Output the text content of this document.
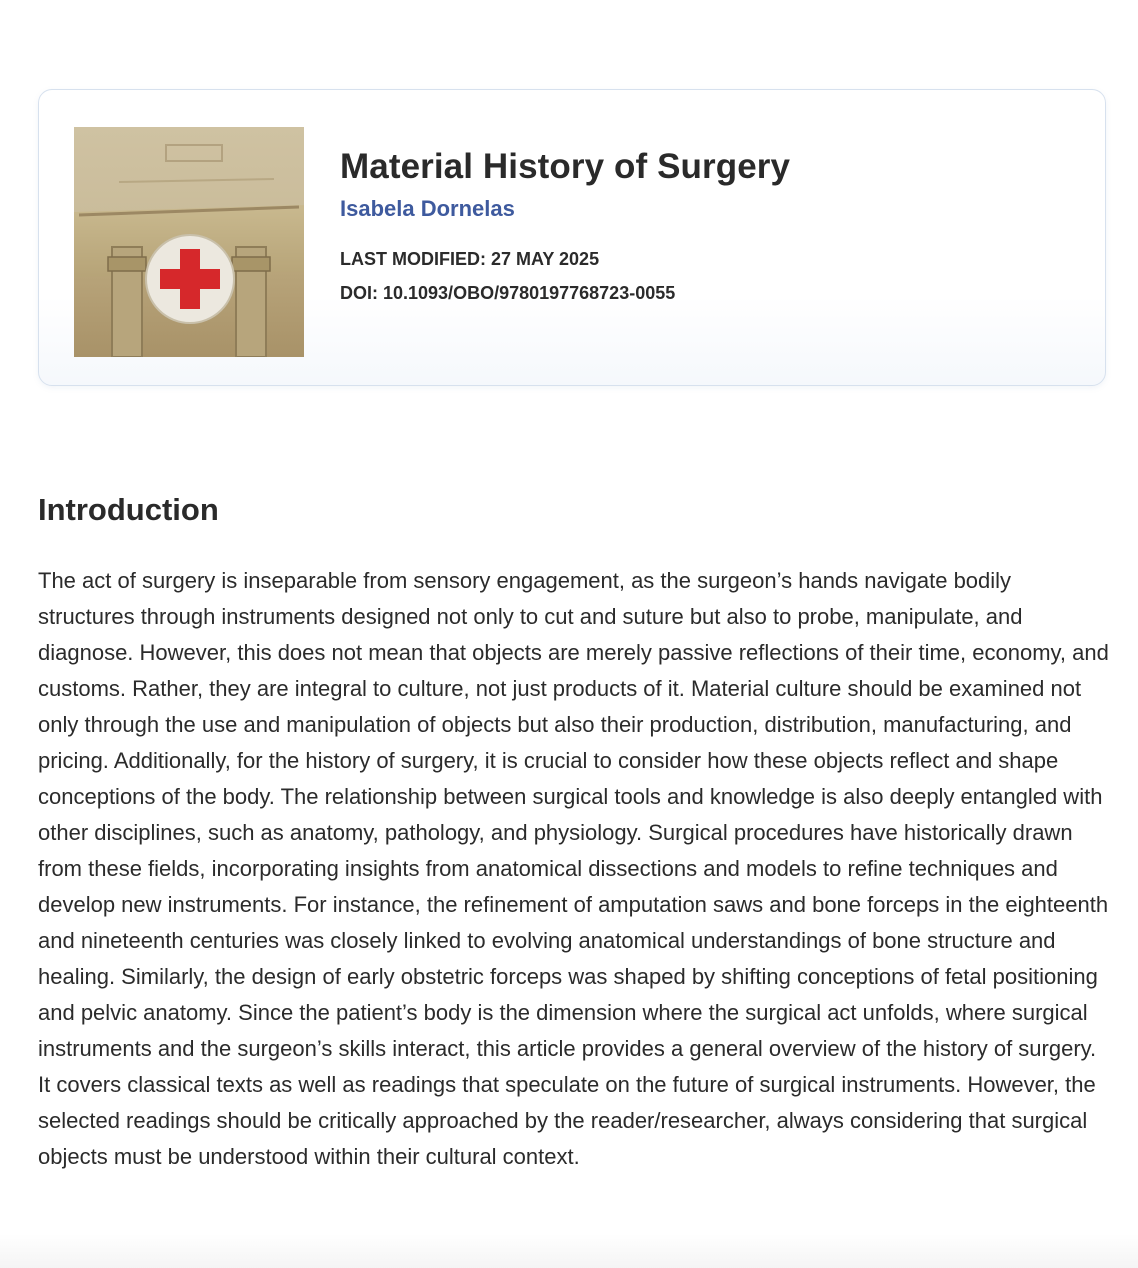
Material History of Surgery
Isabela Dornelas
LAST MODIFIED: 27 MAY 2025
DOI: 10.1093/OBO/9780197768723-0055
Introduction

The act of surgery is inseparable from sensory engagement, as the surgeon’s hands navigate bodily structures through instruments designed not only to cut and suture but also to probe, manipulate, and diagnose. However, this does not mean that objects are merely passive reflections of their time, economy, and customs. Rather, they are integral to culture, not just products of it. Material culture should be examined not only through the use and manipulation of objects but also their production, distribution, manufacturing, and pricing. Additionally, for the history of surgery, it is crucial to consider how these objects reflect and shape conceptions of the body. The relationship between surgical tools and knowledge is also deeply entangled with other disciplines, such as anatomy, pathology, and physiology. Surgical procedures have historically drawn from these fields, incorporating insights from anatomical dissections and models to refine techniques and develop new instruments. For instance, the refinement of amputation saws and bone forceps in the eighteenth and nineteenth centuries was closely linked to evolving anatomical understandings of bone structure and healing. Similarly, the design of early obstetric forceps was shaped by shifting conceptions of fetal positioning and pelvic anatomy. Since the patient’s body is the dimension where the surgical act unfolds, where surgical instruments and the surgeon’s skills interact, this article provides a general overview of the history of surgery. It covers classical texts as well as readings that speculate on the future of surgical instruments. However, the selected readings should be critically approached by the reader/researcher, always considering that surgical objects must be understood within their cultural context.
